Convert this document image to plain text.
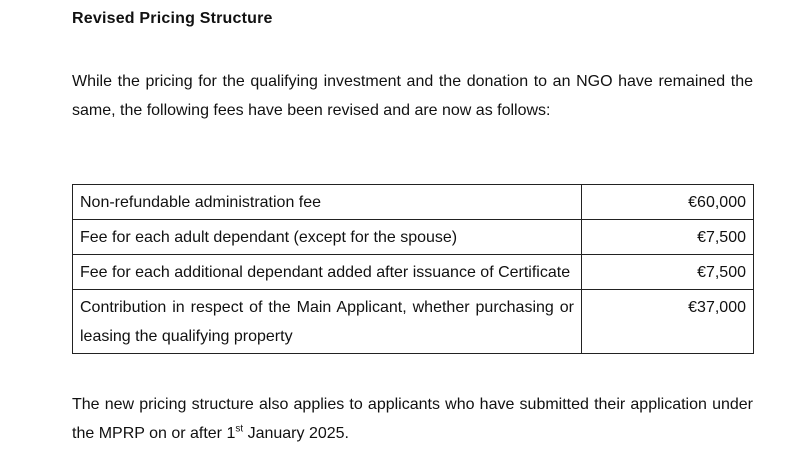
Revised Pricing Structure

While the pricing for the qualifying investment and the donation to an NGO have remained the same, the following fees have been revised and are now as follows:

Non-refundable administration fee	€60,000
Fee for each adult dependant (except for the spouse)	€7,500
Fee for each additional dependant added after issuance of Certificate	€7,500
Contribution in respect of the Main Applicant, whether purchasing or leasing the qualifying property	€37,000

The new pricing structure also applies to applicants who have submitted their application under the MPRP on or after 1st January 2025.
